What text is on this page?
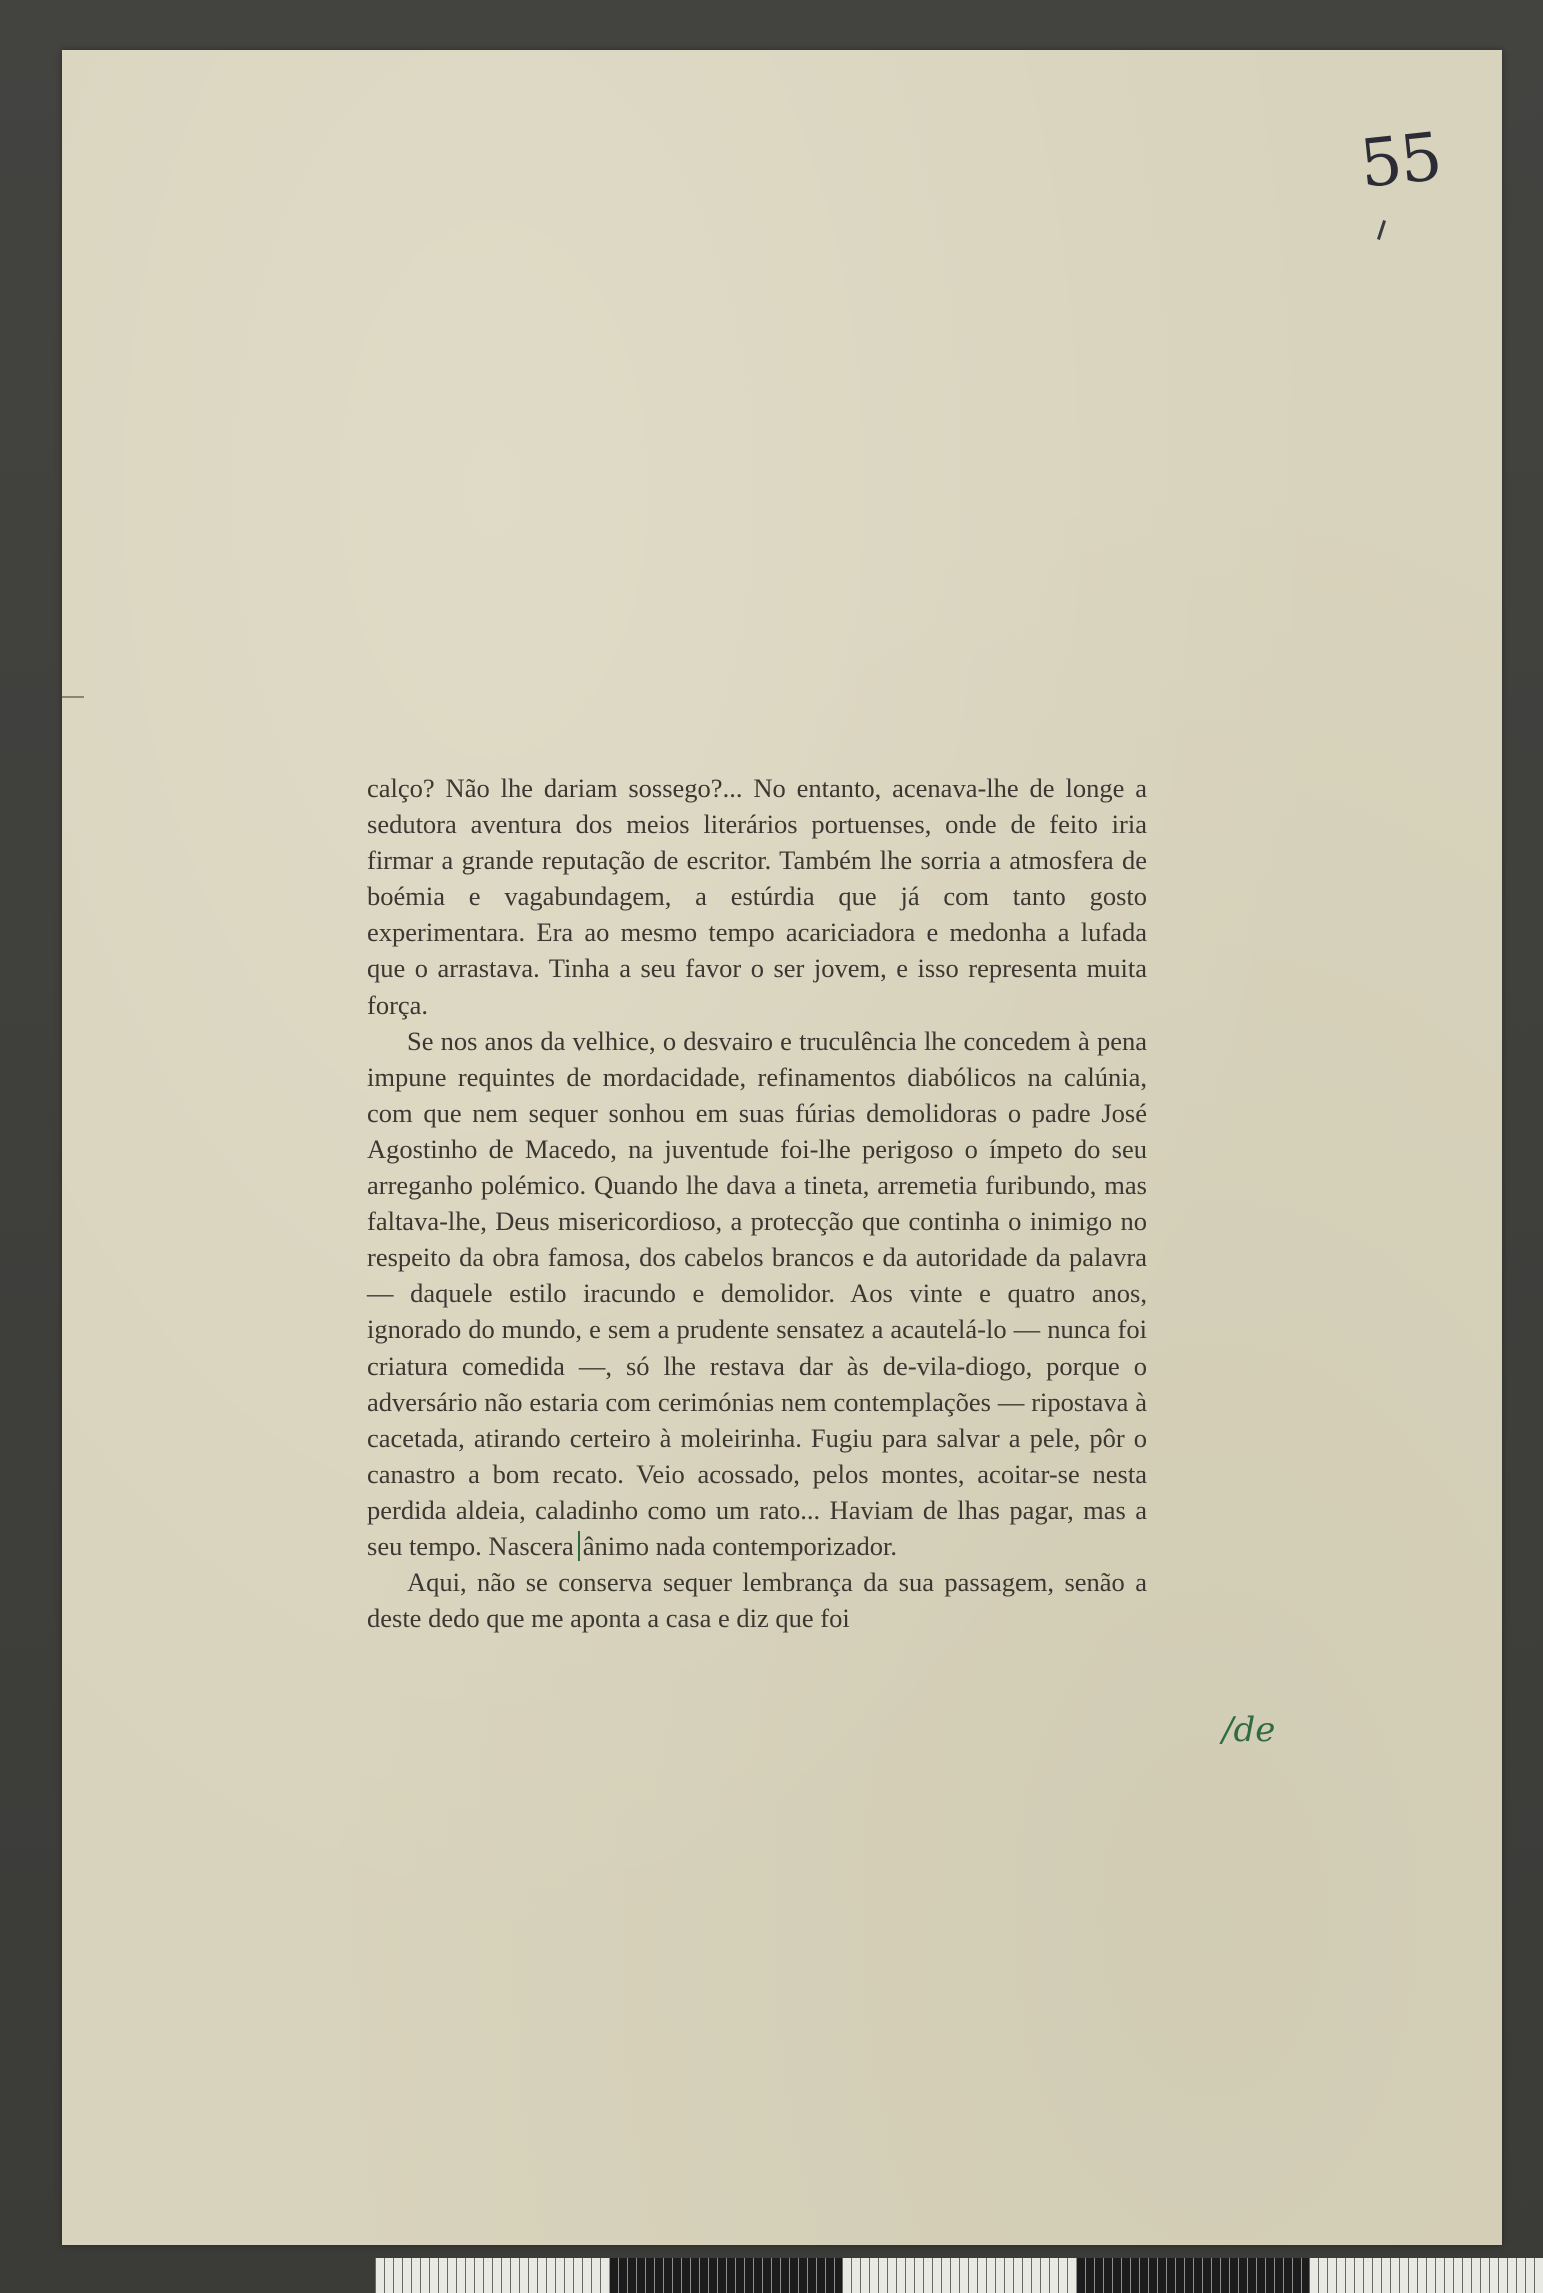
55

calço? Não lhe dariam sossego?... No entanto, acenava-lhe de longe a sedutora aventura dos meios literários portuenses, onde de feito iria firmar a grande reputação de escritor. Também lhe sorria a atmosfera de boémia e vagabundagem, a estúrdia que já com tanto gosto experimentara. Era ao mesmo tempo acariciadora e medonha a lufada que o arrastava. Tinha a seu favor o ser jovem, e isso representa muita força.

Se nos anos da velhice, o desvairo e truculência lhe concedem à pena impune requintes de mordacidade, refinamentos diabólicos na calúnia, com que nem sequer sonhou em suas fúrias demolidoras o padre José Agostinho de Macedo, na juventude foi-lhe perigoso o ímpeto do seu arreganho polémico. Quando lhe dava a tineta, arremetia furibundo, mas faltava-lhe, Deus misericordioso, a protecção que continha o inimigo no respeito da obra famosa, dos cabelos brancos e da autoridade da palavra — daquele estilo iracundo e demolidor. Aos vinte e quatro anos, ignorado do mundo, e sem a prudente sensatez a acautelá-lo — nunca foi criatura comedida —, só lhe restava dar às de-vila-diogo, porque o adversário não estaria com cerimónias nem contemplações — ripostava à cacetada, atirando certeiro à moleirinha. Fugiu para salvar a pele, pôr o canastro a bom recato. Veio acossado, pelos montes, acoitar-se nesta perdida aldeia, caladinho como um rato... Haviam de lhas pagar, mas a seu tempo. Nascera ânimo nada contemporizador.

Aqui, não se conserva sequer lembrança da sua passagem, senão a deste dedo que me aponta a casa e diz que foi

/de
